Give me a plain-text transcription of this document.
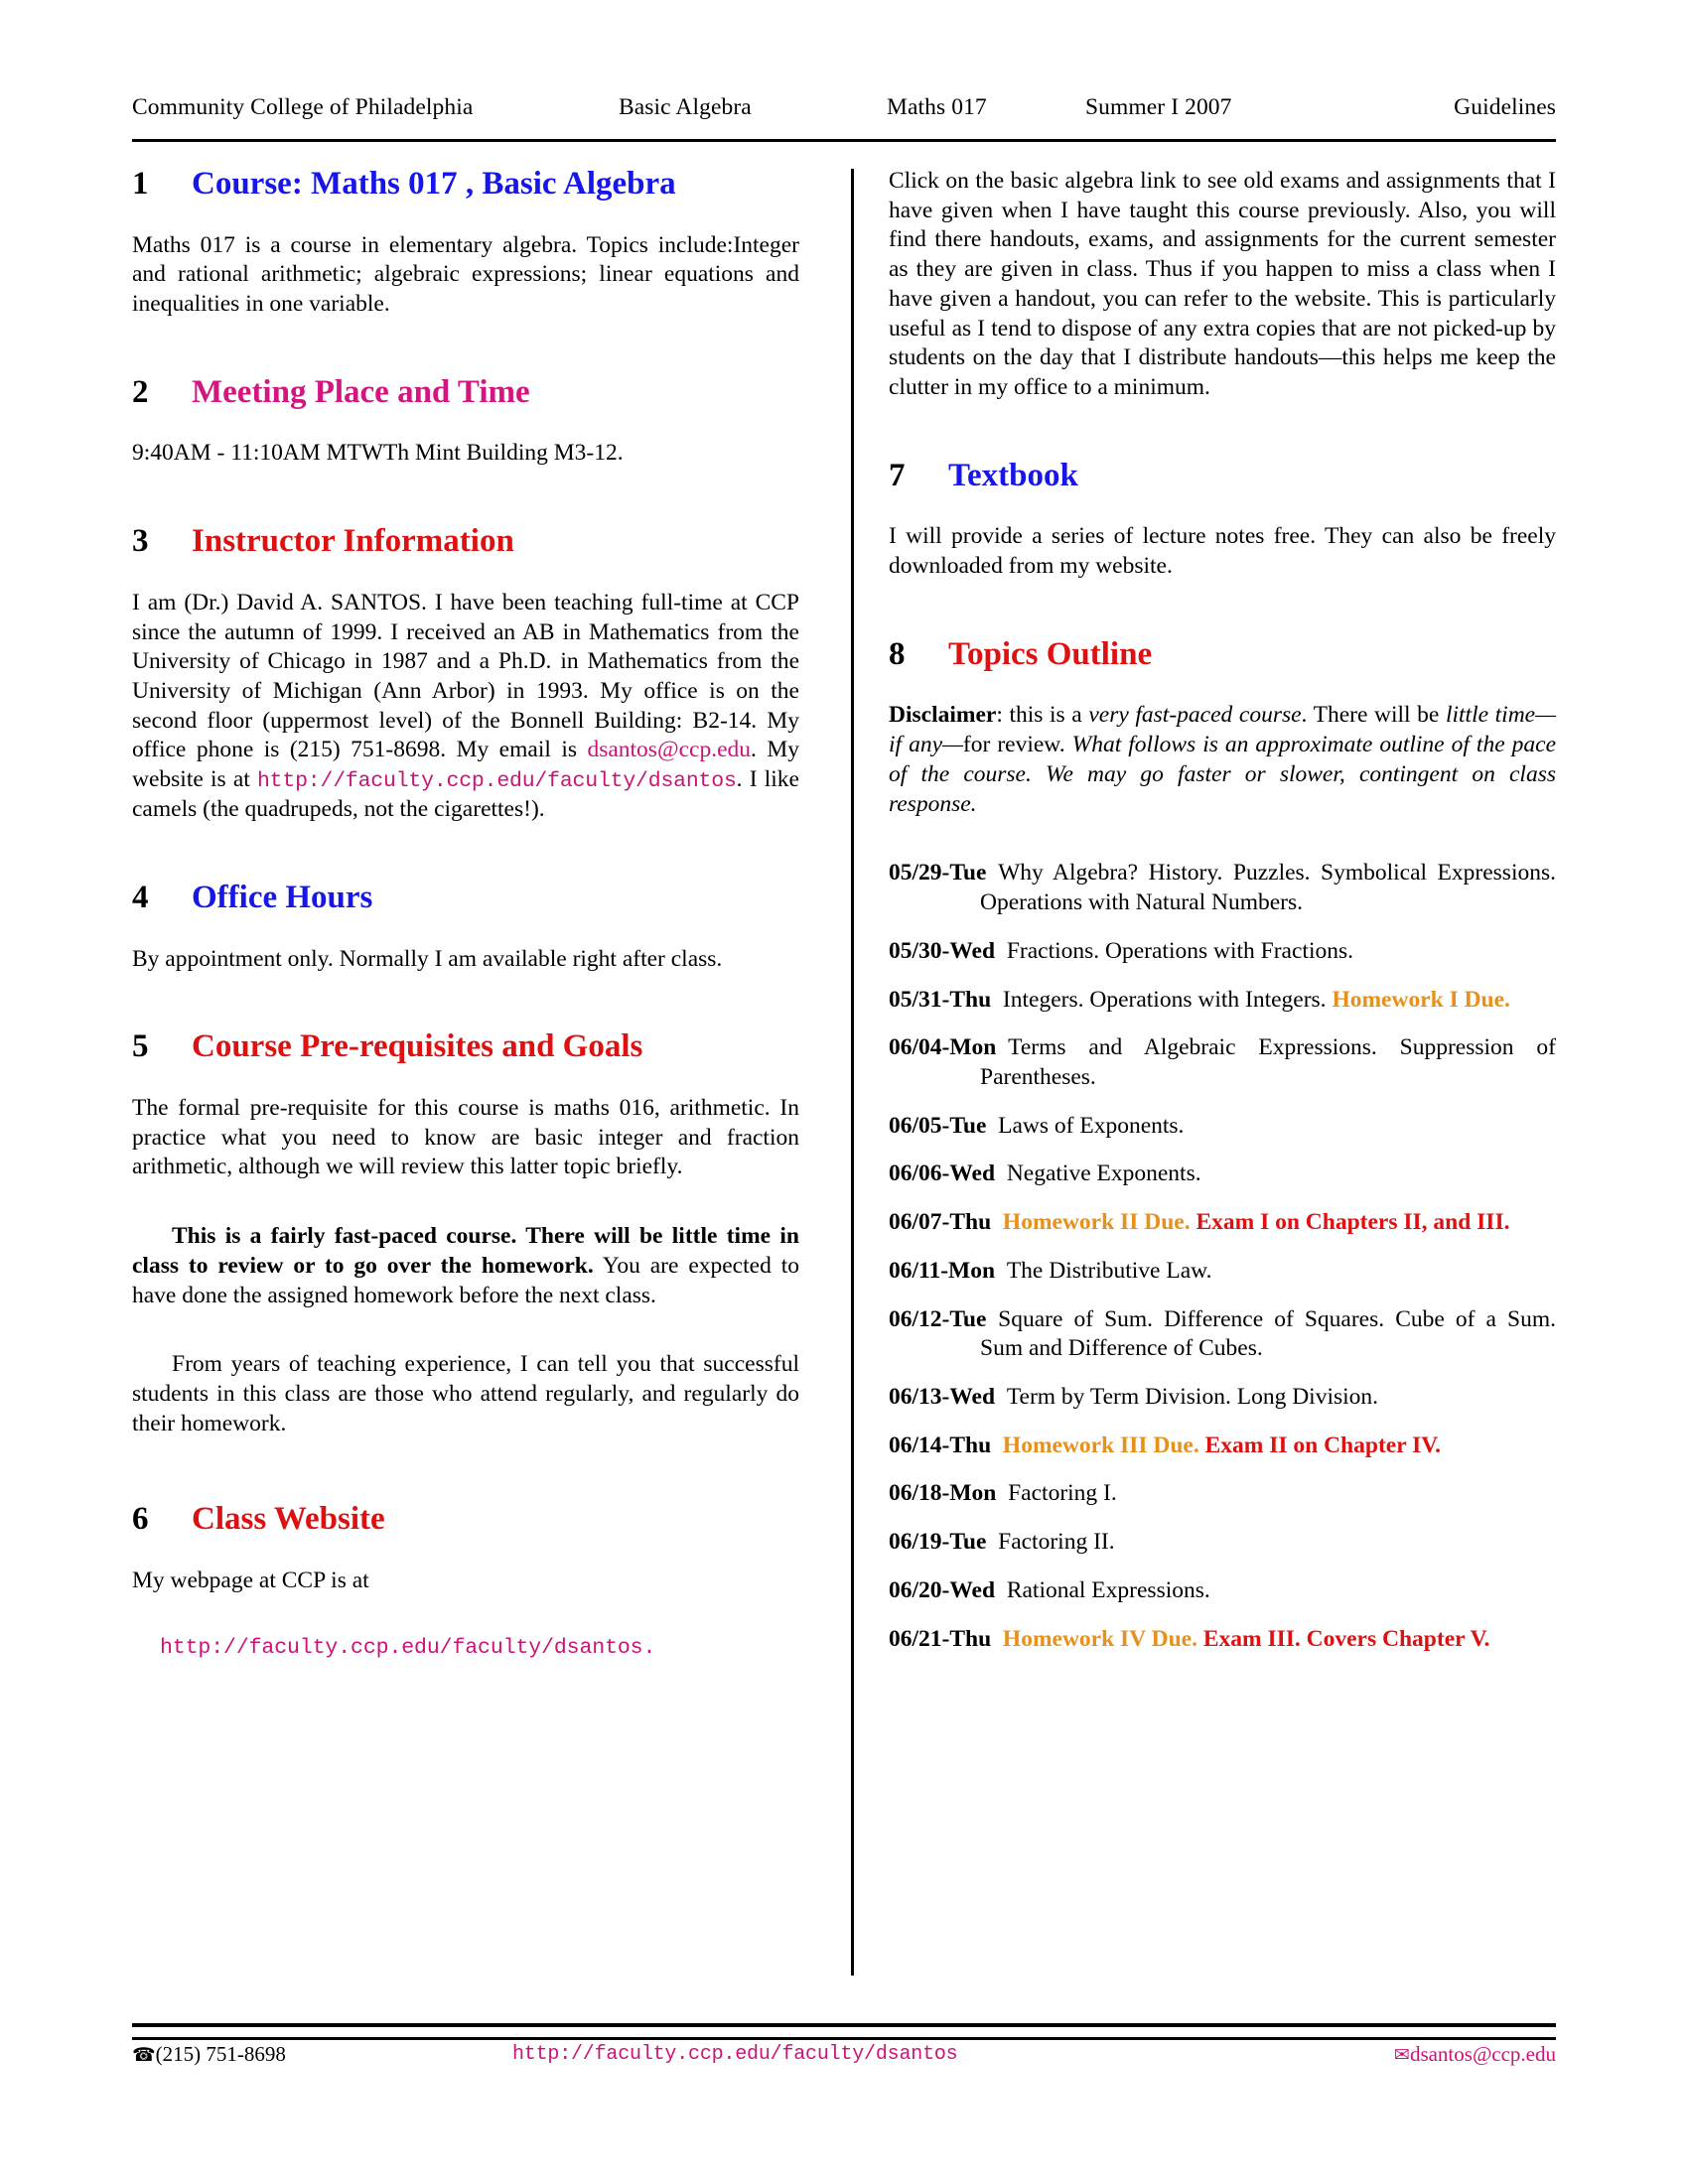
Community College of Philadelphia	Basic Algebra	Maths 017	Summer I 2007	Guidelines
1	Course: Maths 017 , Basic Algebra

Maths 017 is a course in elementary algebra. Topics include:Integer and rational arithmetic; algebraic expressions; linear equations and inequalities in one variable.

2	Meeting Place and Time

9:40AM - 11:10AM MTWTh Mint Building M3-12.

3	Instructor Information

I am (Dr.) David A. SANTOS. I have been teaching full-time at CCP since the autumn of 1999. I received an AB in Mathematics from the University of Chicago in 1987 and a Ph.D. in Mathematics from the University of Michigan (Ann Arbor) in 1993. My office is on the second floor (uppermost level) of the Bonnell Building: B2-14. My office phone is (215) 751-8698. My email is dsantos@ccp.edu. My website is at http://faculty.ccp.edu/faculty/dsantos. I like camels (the quadrupeds, not the cigarettes!).

4	Office Hours

By appointment only. Normally I am available right after class.

5	Course Pre-requisites and Goals

The formal pre-requisite for this course is maths 016, arithmetic. In practice what you need to know are basic integer and fraction arithmetic, although we will review this latter topic briefly.

This is a fairly fast-paced course. There will be little time in class to review or to go over the homework. You are expected to have done the assigned homework before the next class.

From years of teaching experience, I can tell you that successful students in this class are those who attend regularly, and regularly do their homework.

6	Class Website

My webpage at CCP is at

http://faculty.ccp.edu/faculty/dsantos.

Click on the basic algebra link to see old exams and assignments that I have given when I have taught this course previously. Also, you will find there handouts, exams, and assignments for the current semester as they are given in class. Thus if you happen to miss a class when I have given a handout, you can refer to the website. This is particularly useful as I tend to dispose of any extra copies that are not picked-up by students on the day that I distribute handouts—this helps me keep the clutter in my office to a minimum.

7	Textbook

I will provide a series of lecture notes free. They can also be freely downloaded from my website.

8	Topics Outline

Disclaimer: this is a very fast-paced course. There will be little time—if any—for review. What follows is an approximate outline of the pace of the course. We may go faster or slower, contingent on class response.

05/29-Tue  Why Algebra? History. Puzzles. Symbolical Expressions. Operations with Natural Numbers.

05/30-Wed  Fractions. Operations with Fractions.

05/31-Thu  Integers. Operations with Integers. Homework I Due.

06/04-Mon  Terms and Algebraic Expressions. Suppression of Parentheses.

06/05-Tue  Laws of Exponents.

06/06-Wed  Negative Exponents.

06/07-Thu  Homework II Due. Exam I on Chapters II, and III.

06/11-Mon  The Distributive Law.

06/12-Tue  Square of Sum. Difference of Squares. Cube of a Sum. Sum and Difference of Cubes.

06/13-Wed  Term by Term Division. Long Division.

06/14-Thu  Homework III Due. Exam II on Chapter IV.

06/18-Mon  Factoring I.

06/19-Tue  Factoring II.

06/20-Wed  Rational Expressions.

06/21-Thu  Homework IV Due. Exam III. Covers Chapter V.

☎(215) 751-8698	http://faculty.ccp.edu/faculty/dsantos	✉dsantos@ccp.edu
